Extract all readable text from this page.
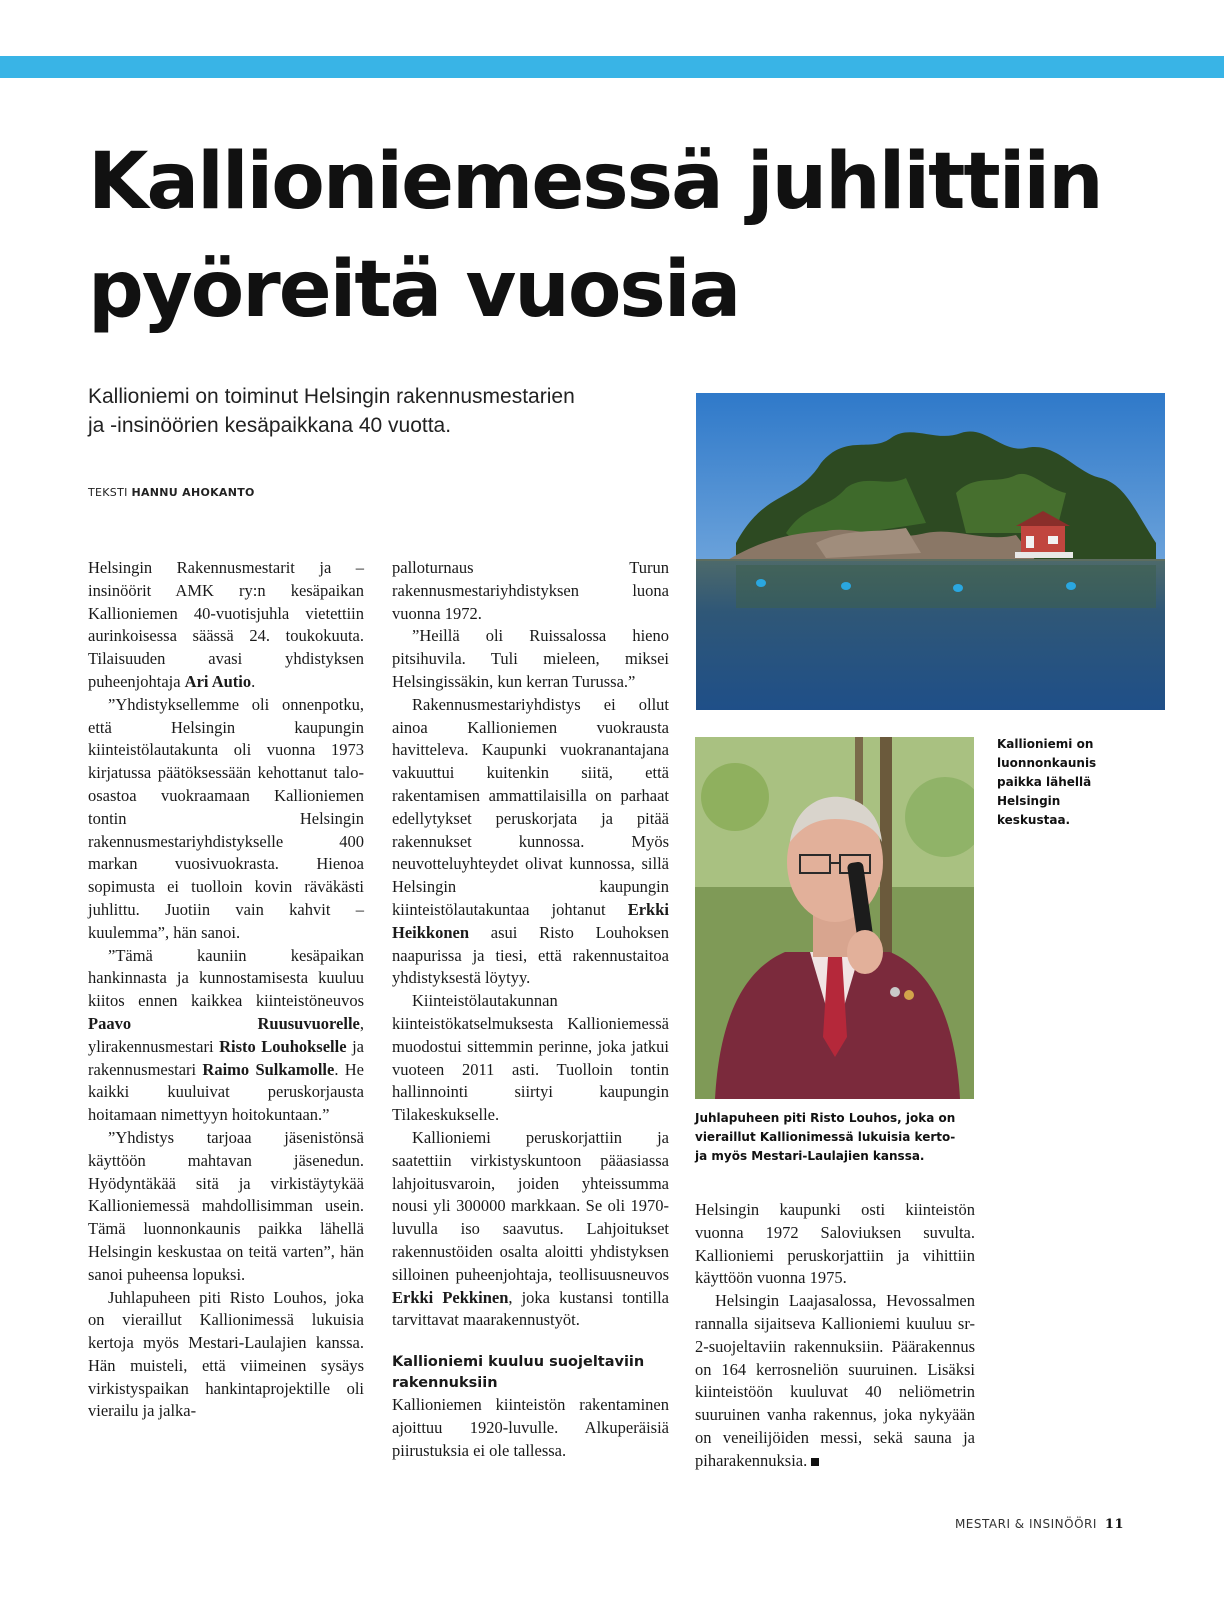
Kallioniemessä juhlittiin
pyöreitä vuosia

Kallioniemi on toiminut Helsingin rakennusmestarien
ja -insinöörien kesäpaikkana 40 vuotta.

TEKSTI HANNU AHOKANTO

Helsingin Rakennusmestarit ja –insinöörit AMK ry:n kesäpaikan Kallioniemen 40-vuotisjuhla vietettiin aurinkoisessa säässä 24. toukokuuta. Tilaisuuden avasi yhdistyksen puheenjohtaja Ari Autio.

”Yhdistyksellemme oli onnenpotku, että Helsingin kaupungin kiinteistölautakunta oli vuonna 1973 kirjatussa päätöksessään kehottanut talo-osastoa vuokraamaan Kallioniemen tontin Helsingin rakennusmestariyhdistykselle 400 markan vuosivuokrasta. Hienoa sopimusta ei tuolloin kovin räväkästi juhlittu. Juotiin vain kahvit – kuulemma”, hän sanoi.

”Tämä kauniin kesäpaikan hankinnasta ja kunnostamisesta kuuluu kiitos ennen kaikkea kiinteistöneuvos Paavo Ruusuvuorelle, ylirakennusmestari Risto Louhokselle ja rakennusmestari Raimo Sulkamolle. He kaikki kuuluivat peruskorjausta hoitamaan nimettyyn hoitokuntaan.”

”Yhdistys tarjoaa jäsenistönsä käyttöön mahtavan jäsenedun. Hyödyntäkää sitä ja virkistäytykää Kallioniemessä mahdollisimman usein. Tämä luonnonkaunis paikka lähellä Helsingin keskustaa on teitä varten”, hän sanoi puheensa lopuksi.

Juhlapuheen piti Risto Louhos, joka on vieraillut Kallionimessä lukuisia kertoja myös Mestari-Laulajien kanssa. Hän muisteli, että viimeinen sysäys virkistyspaikan hankintaprojektille oli vierailu ja jalka-

palloturnaus Turun rakennusmestariyhdistyksen luona vuonna 1972.

”Heillä oli Ruissalossa hieno pitsihuvila. Tuli mieleen, miksei Helsingissäkin, kun kerran Turussa.”

Rakennusmestariyhdistys ei ollut ainoa Kallioniemen vuokrausta havitteleva. Kaupunki vuokranantajana vakuuttui kuitenkin siitä, että rakentamisen ammattilaisilla on parhaat edellytykset peruskorjata ja pitää rakennukset kunnossa. Myös neuvotteluyhteydet olivat kunnossa, sillä Helsingin kaupungin kiinteistölautakuntaa johtanut Erkki Heikkonen asui Risto Louhoksen naapurissa ja tiesi, että rakennustaitoa yhdistyksestä löytyy.

Kiinteistölautakunnan kiinteistökatselmuksesta Kallioniemessä muodostui sittemmin perinne, joka jatkui vuoteen 2011 asti. Tuolloin tontin hallinnointi siirtyi kaupungin Tilakeskukselle.

Kallioniemi peruskorjattiin ja saatettiin virkistyskuntoon pääasiassa lahjoitusvaroin, joiden yhteissumma nousi yli 300000 markkaan. Se oli 1970-luvulla iso saavutus. Lahjoitukset rakennustöiden osalta aloitti yhdistyksen silloinen puheenjohtaja, teollisuusneuvos Erkki Pekkinen, joka kustansi tontilla tarvittavat maarakennustyöt.

Kallioniemi kuuluu suojeltaviin rakennuksiin

Kallioniemen kiinteistön rakentaminen ajoittuu 1920-luvulle. Alkuperäisiä piirustuksia ei ole tallessa.

Kallioniemi on
luonnonkaunis
paikka lähellä
Helsingin
keskustaa.
Juhlapuheen piti Risto Louhos, joka on
vieraillut Kallionimessä lukuisia kerto-
ja myös Mestari-Laulajien kanssa.

Helsingin kaupunki osti kiinteistön vuonna 1972 Saloviuksen suvulta. Kallioniemi peruskorjattiin ja vihittiin käyttöön vuonna 1975.

Helsingin Laajasalossa, Hevossalmen rannalla sijaitseva Kallioniemi kuuluu sr-2-suojeltaviin rakennuksiin. Päärakennus on 164 kerrosneliön suuruinen. Lisäksi kiinteistöön kuuluvat 40 neliömetrin suuruinen vanha rakennus, joka nykyään on veneilijöiden messi, sekä sauna ja piharakennuksia.

MESTARI & INSINÖÖRI 11
